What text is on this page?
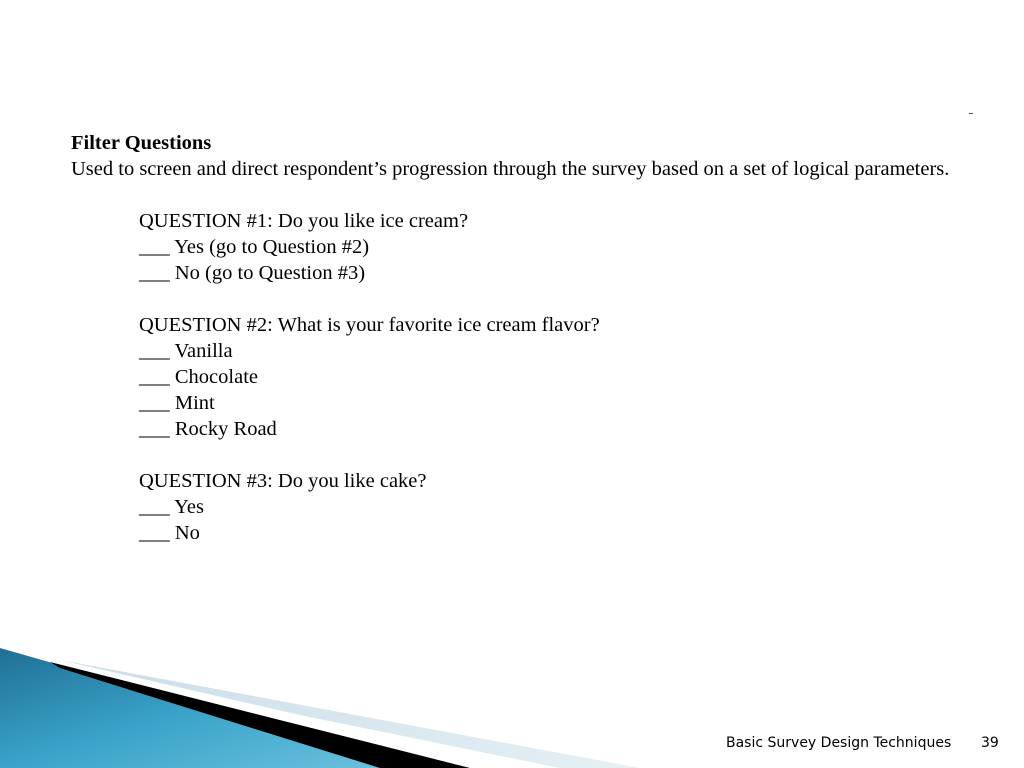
Filter Questions

Used to screen and direct respondent’s progression through the survey based on a set of logical parameters.

QUESTION #1: Do you like ice cream?
___ Yes (go to Question #2)
___ No (go to Question #3)
QUESTION #2: What is your favorite ice cream flavor?
___ Vanilla
___ Chocolate
___ Mint
___ Rocky Road
QUESTION #3: Do you like cake?
___ Yes
___ No
Basic Survey Design Techniques 39
